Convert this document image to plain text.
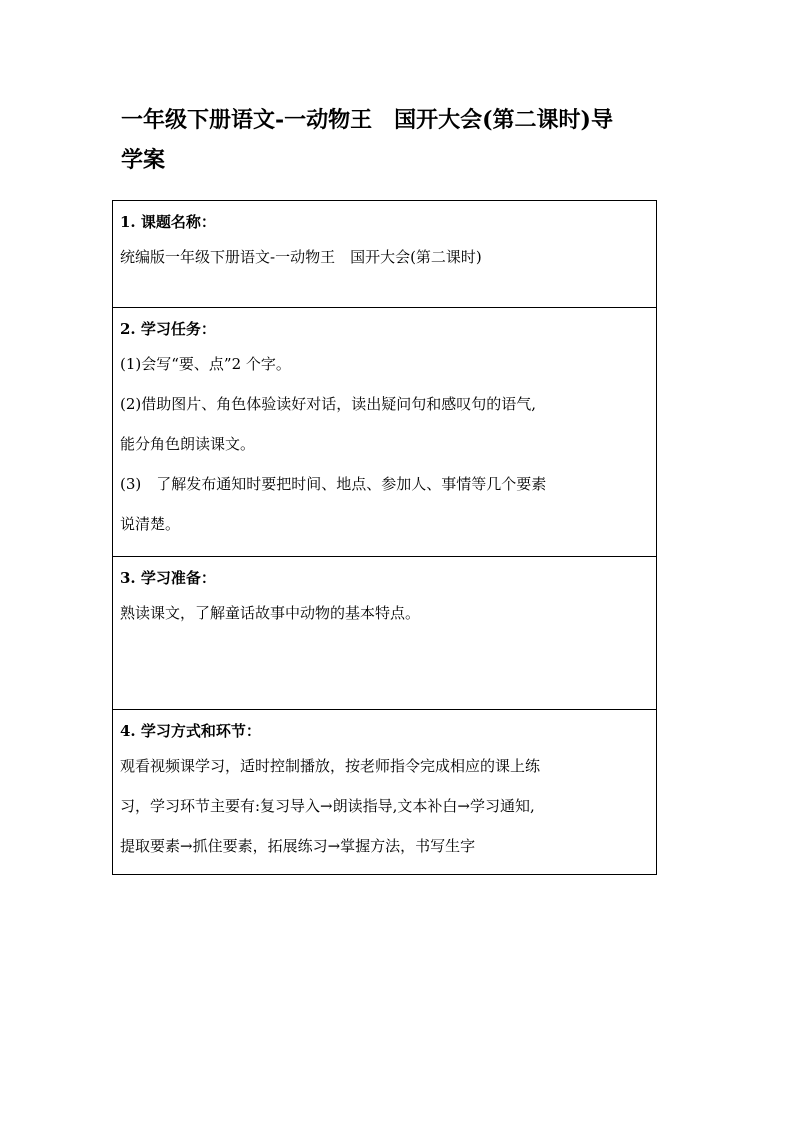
一年级下册语文-一动物王　国开大会(第二课时)导
学案
1. 课题名称：
统编版一年级下册语文-一动物王　国开大会(第二课时)

2. 学习任务：
(1)会写“要、点”2 个字。
(2)借助图片、角色体验读好对话，读出疑问句和感叹句的语气,
能分角色朗读课文。
(3)　了解发布通知时要把时间、地点、参加人、事情等几个要素
说清楚。

3. 学习准备：
熟读课文，了解童话故事中动物的基本特点。

4. 学习方式和环节：
观看视频课学习，适时控制播放，按老师指令完成相应的课上练
习，学习环节主要有:复习导入→朗读指导,文本补白→学习通知,
提取要素→抓住要素，拓展练习→掌握方法，书写生字
